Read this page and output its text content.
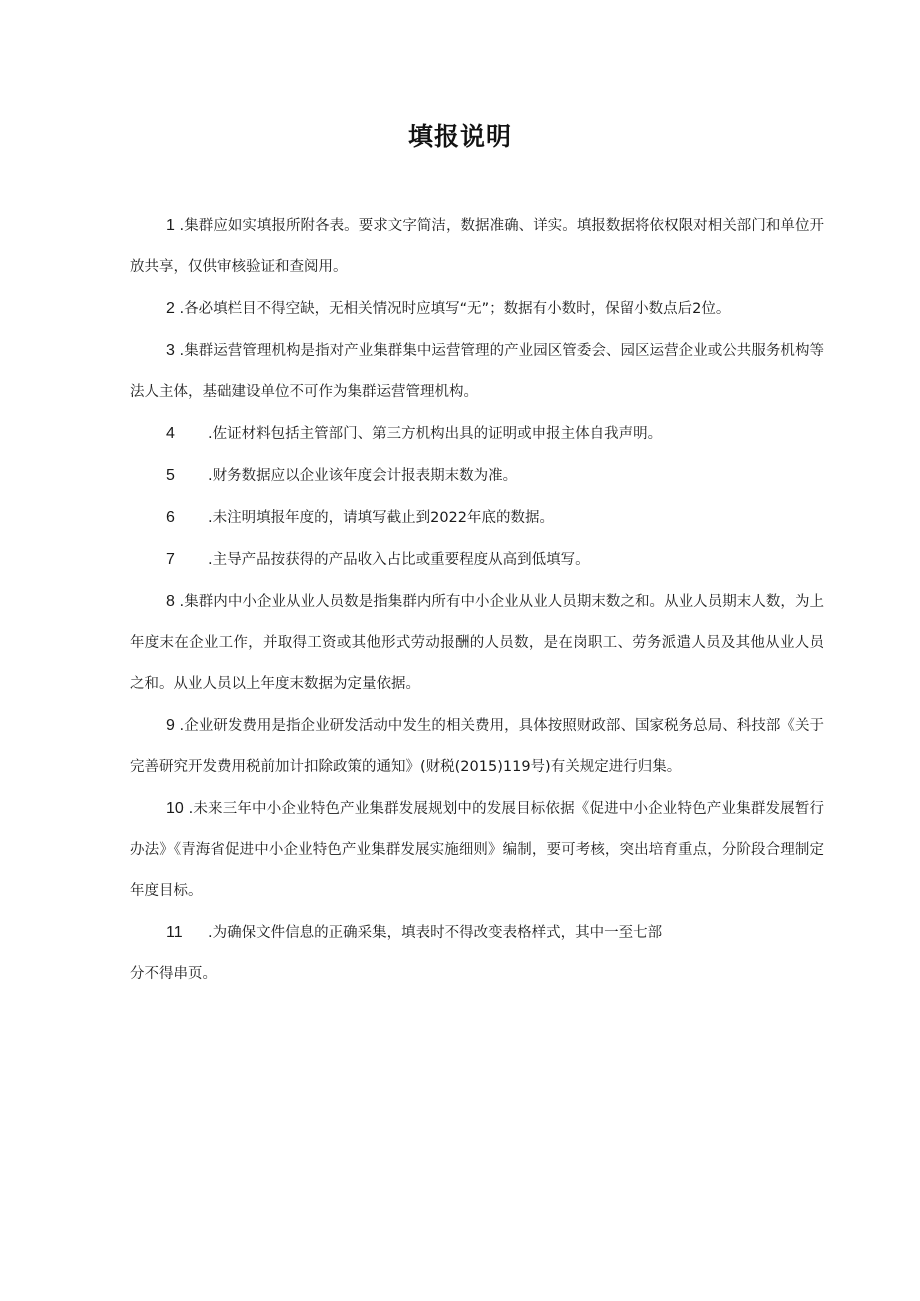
填报说明

1 .集群应如实填报所附各表。要求文字简洁，数据准确、详实。填报数据将依权限对相关部门和单位开放共享，仅供审核验证和查阅用。

2 .各必填栏目不得空缺，无相关情况时应填写“无”；数据有小数时，保留小数点后2位。

3 .集群运营管理机构是指对产业集群集中运营管理的产业园区管委会、园区运营企业或公共服务机构等法人主体，基础建设单位不可作为集群运营管理机构。

4 .佐证材料包括主管部门、第三方机构出具的证明或申报主体自我声明。

5 .财务数据应以企业该年度会计报表期末数为准。

6 .未注明填报年度的，请填写截止到2022年底的数据。

7 .主导产品按获得的产品收入占比或重要程度从高到低填写。

8 .集群内中小企业从业人员数是指集群内所有中小企业从业人员期末数之和。从业人员期末人数，为上年度末在企业工作，并取得工资或其他形式劳动报酬的人员数，是在岗职工、劳务派遣人员及其他从业人员之和。从业人员以上年度末数据为定量依据。

9 .企业研发费用是指企业研发活动中发生的相关费用，具体按照财政部、国家税务总局、科技部《关于完善研究开发费用税前加计扣除政策的通知》(财税(2015)119号)有关规定进行归集。

10 .未来三年中小企业特色产业集群发展规划中的发展目标依据《促进中小企业特色产业集群发展暂行办法》《青海省促进中小企业特色产业集群发展实施细则》编制，要可考核，突出培育重点，分阶段合理制定年度目标。

11 .为确保文件信息的正确采集，填表时不得改变表格样式，其中一至七部

分不得串页。
